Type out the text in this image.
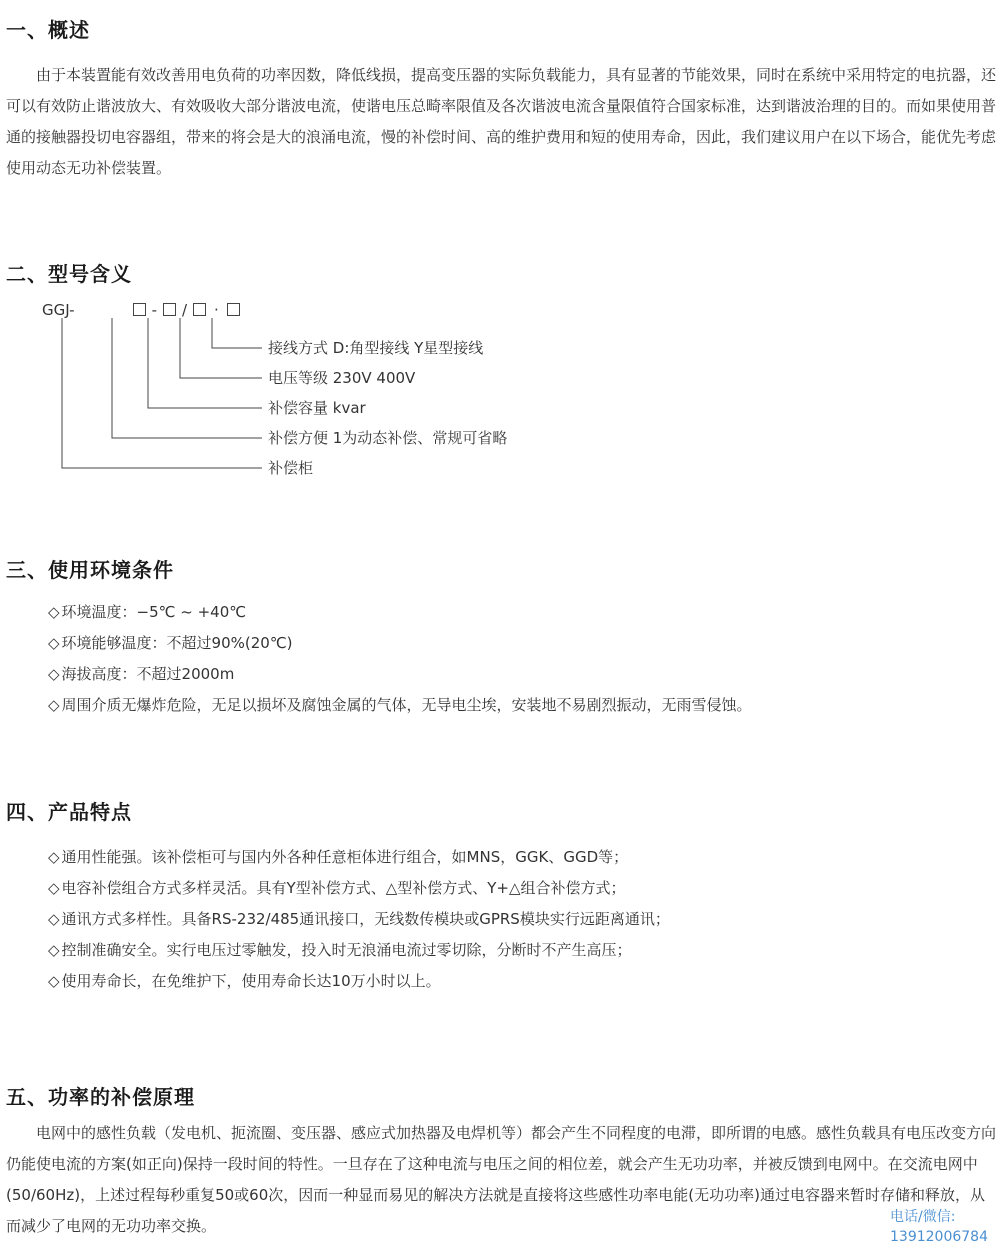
一、概述

由于本装置能有效改善用电负荷的功率因数，降低线损，提高变压器的实际负载能力，具有显著的节能效果，同时在系统中采用特定的电抗器，还可以有效防止谐波放大、有效吸收大部分谐波电流，使谐电压总畸率限值及各次谐波电流含量限值符合国家标准，达到谐波治理的目的。而如果使用普通的接触器投切电容器组，带来的将会是大的浪涌电流，慢的补偿时间、高的维护费用和短的使用寿命，因此，我们建议用户在以下场合，能优先考虑使用动态无功补偿装置。

二、型号含义
GGJ-	- / ·
接线方式 D:角型接线 Y星型接线
电压等级 230V 400V
补偿容量 kvar
补偿方便 1为动态补偿、常规可省略
补偿柜
三、使用环境条件
◇ 环境温度：−5℃ ~ +40℃
◇ 环境能够温度：不超过90%(20℃)
◇ 海拔高度：不超过2000m
◇ 周围介质无爆炸危险，无足以损坏及腐蚀金属的气体，无导电尘埃，安装地不易剧烈振动，无雨雪侵蚀。
四、产品特点
◇ 通用性能强。该补偿柜可与国内外各种任意柜体进行组合，如MNS，GGK、GGD等；
◇ 电容补偿组合方式多样灵活。具有Y型补偿方式、△型补偿方式、Y+△组合补偿方式；
◇ 通讯方式多样性。具备RS-232/485通讯接口，无线数传模块或GPRS模块实行远距离通讯；
◇ 控制准确安全。实行电压过零触发，投入时无浪涌电流过零切除，分断时不产生高压；
◇ 使用寿命长，在免维护下，使用寿命长达10万小时以上。
五、功率的补偿原理

电网中的感性负载（发电机、扼流圈、变压器、感应式加热器及电焊机等）都会产生不同程度的电滞，即所谓的电感。感性负载具有电压改变方向仍能使电流的方案(如正向)保持一段时间的特性。一旦存在了这种电流与电压之间的相位差，就会产生无功功率，并被反馈到电网中。在交流电网中(50/60Hz)，上述过程每秒重复50或60次，因而一种显而易见的解决方法就是直接将这些感性功率电能(无功功率)通过电容器来暂时存储和释放，从而减少了电网的无功功率交换。	电话/微信:
13912006784
